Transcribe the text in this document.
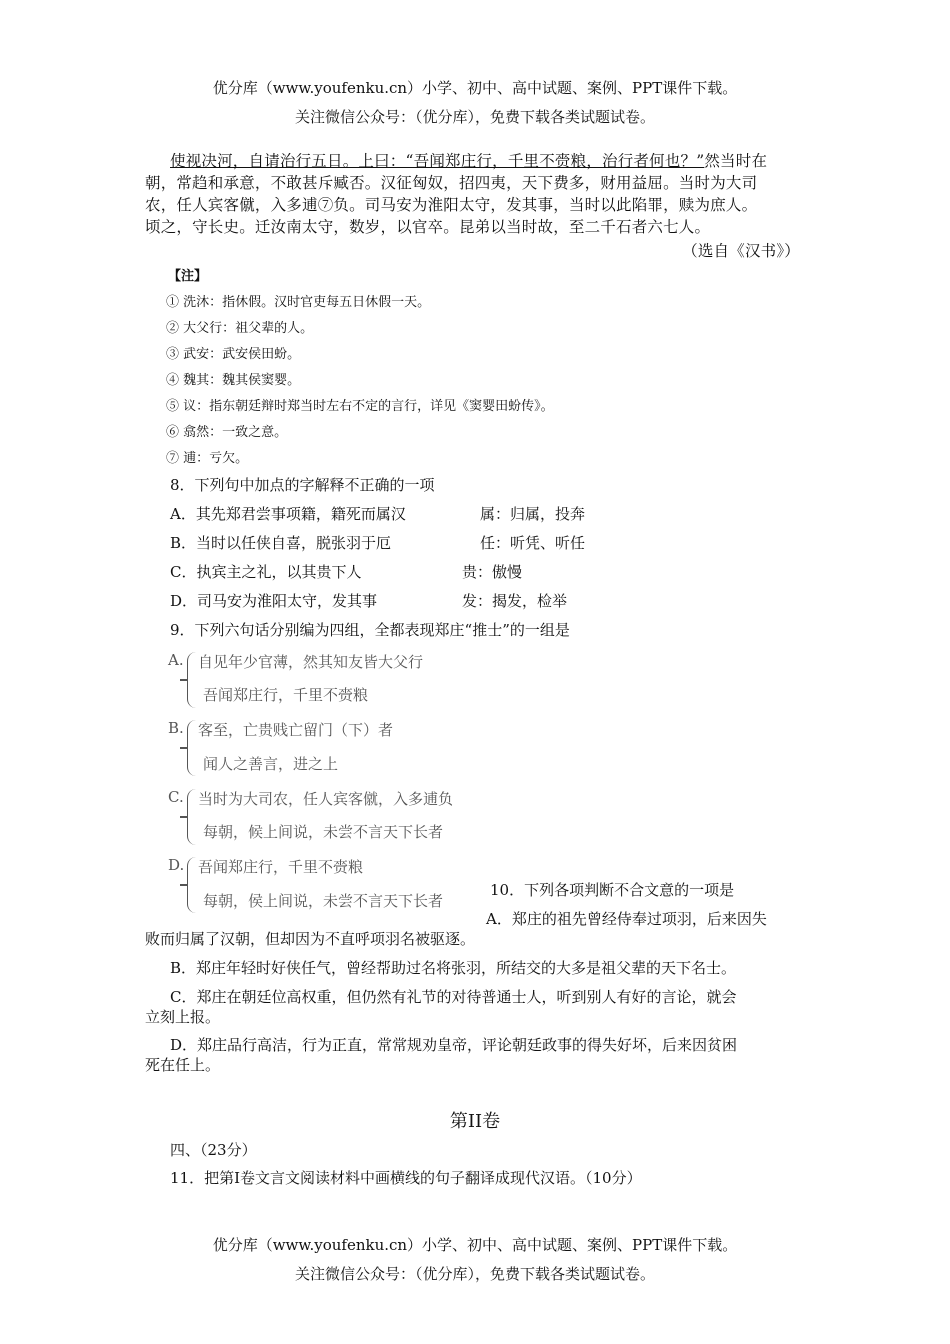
优分库（www.youfenku.cn）小学、初中、高中试题、案例、PPT课件下载。
关注微信公众号：（优分库），免费下载各类试题试卷。
使视决河，自请治行五日。上曰：“吾闻郑庄行，千里不赍粮，治行者何也？”然当时在
朝，常趋和承意，不敢甚斥臧否。汉征匈奴，招四夷，天下费多，财用益屈。当时为大司
农，任人宾客僦，入多逋⑦负。司马安为淮阳太守，发其事，当时以此陷罪，赎为庶人。
顷之，守长史。迁汝南太守，数岁，以官卒。昆弟以当时故，至二千石者六七人。
（选自《汉书》）
【注】
① 洗沐：指休假。汉时官吏每五日休假一天。
② 大父行：祖父辈的人。
③ 武安：武安侯田蚡。
④ 魏其：魏其侯窦婴。
⑤ 议：指东朝廷辩时郑当时左右不定的言行，详见《窦婴田蚡传》。
⑥ 翕然：一致之意。
⑦ 逋：亏欠。
8．下列句中加点的字解释不正确的一项
A．其先郑君尝事项籍，籍死而属汉	属：归属，投奔
B．当时以任侠自喜，脱张羽于厄	任：听凭、听任
C．执宾主之礼，以其贵下人	贵：傲慢
D．司马安为淮阳太守，发其事	发：揭发，检举
9．下列六句话分别编为四组，全都表现郑庄“推士”的一组是
A. 自见年少官薄，然其知友皆大父行
吾闻郑庄行，千里不赍粮
B. 客至，亡贵贱亡留门（下）者
闻人之善言，进之上
C. 当时为大司农，任人宾客僦，入多逋负
每朝，候上间说，未尝不言天下长者
D. 吾闻郑庄行，千里不赍粮
每朝，侯上间说，未尝不言天下长者
10．下列各项判断不合文意的一项是
A．郑庄的祖先曾经侍奉过项羽，后来因失
败而归属了汉朝，但却因为不直呼项羽名被驱逐。
B．郑庄年轻时好侠任气，曾经帮助过名将张羽，所结交的大多是祖父辈的天下名士。
C．郑庄在朝廷位高权重，但仍然有礼节的对待普通士人，听到别人有好的言论，就会
立刻上报。
D．郑庄品行高洁，行为正直，常常规劝皇帝，评论朝廷政事的得失好坏，后来因贫困
死在任上。
第II卷
四、（23分）
11．把第I卷文言文阅读材料中画横线的句子翻译成现代汉语。（10分）
优分库（www.youfenku.cn）小学、初中、高中试题、案例、PPT课件下载。
关注微信公众号：（优分库），免费下载各类试题试卷。
